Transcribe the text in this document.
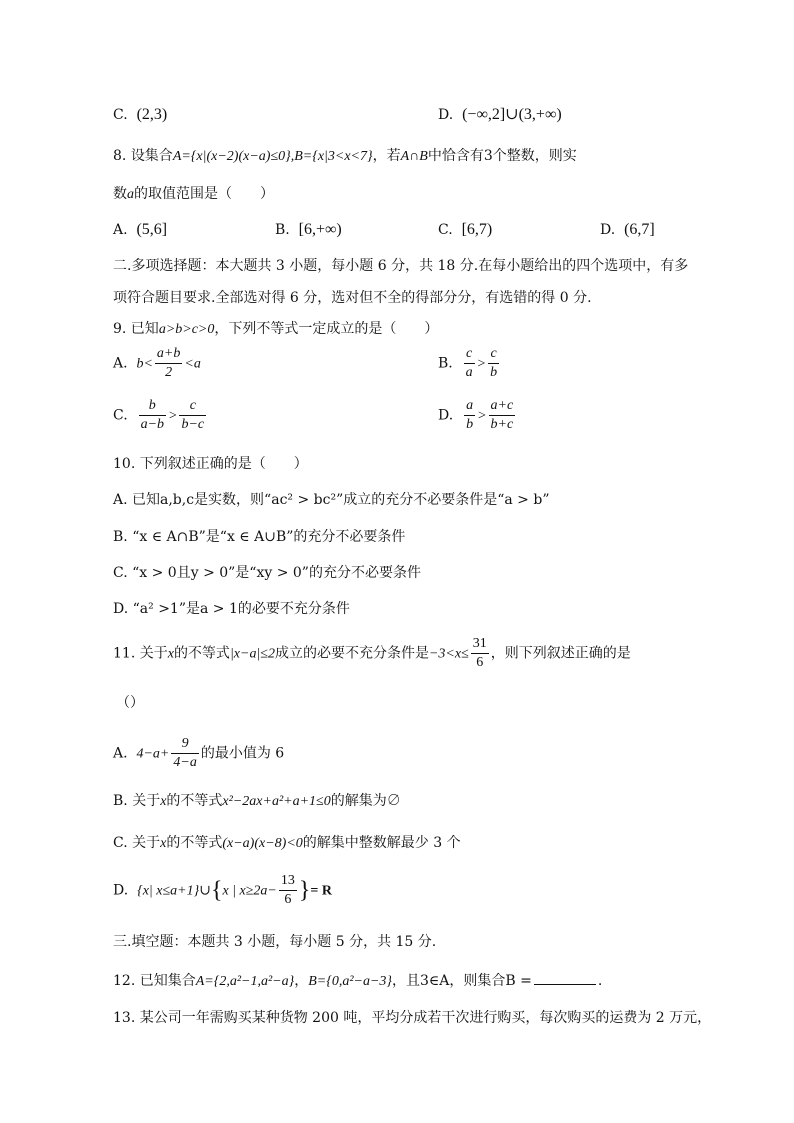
C. (2,3)	D. (−∞,2]∪(3,+∞)
8. 设集合A={x|(x−2)(x−a)≤0},B={x|3<x<7}，若A∩B中恰含有3个整数，则实
数a的取值范围是（　　）
A. (5,6]	B. [6,+∞)	C. [6,7)	D. (6,7]
二.多项选择题：本大题共 3 小题，每小题 6 分，共 18 分.在每小题给出的四个选项中，有多
项符合题目要求.全部选对得 6 分，选对但不全的得部分分，有选错的得 0 分.
9. 已知a>b>c>0，下列不等式一定成立的是（　　）
A. $b< \frac{a+b}{2} <a$	B. $\frac{c}{a} > \frac{c}{b}$
C. $\frac{b}{a-b} > \frac{c}{b-c}$	D. $\frac{a}{b} > \frac{a+c}{b+c}$
10. 下列叙述正确的是（　　）
A. 已知a,b,c是实数，则“ac² > bc²”成立的充分不必要条件是“a > b”
B. “x ∈ A∩B”是“x ∈ A∪B”的充分不必要条件
C. “x > 0且y > 0”是“xy > 0”的充分不必要条件
D. “a² >1”是a > 1的必要不充分条件
11. 关于x的不等式|x−a|≤2成立的必要不充分条件是$-3<x\le \frac{31}{6}$ ，则下列叙述正确的是
（）
A. $4-a+ \frac{9}{4-a}$ 的最小值为 6
B. 关于x的不等式x²−2ax+a²+a+1≤0的解集为∅
C. 关于x的不等式(x−a)(x−8)<0的解集中整数解最少 3 个
D. {x| x≤a+1}∪{x | $x\ge 2a- \frac{13}{6}$ }= R
三.填空题：本题共 3 小题，每小题 5 分，共 15 分.
12. 已知集合A={2,a²−1,a²−a}，B={0,a²−a−3}，且3∈A，则集合B =	.
13. 某公司一年需购买某种货物 200 吨，平均分成若干次进行购买，每次购买的运费为 2 万元，
